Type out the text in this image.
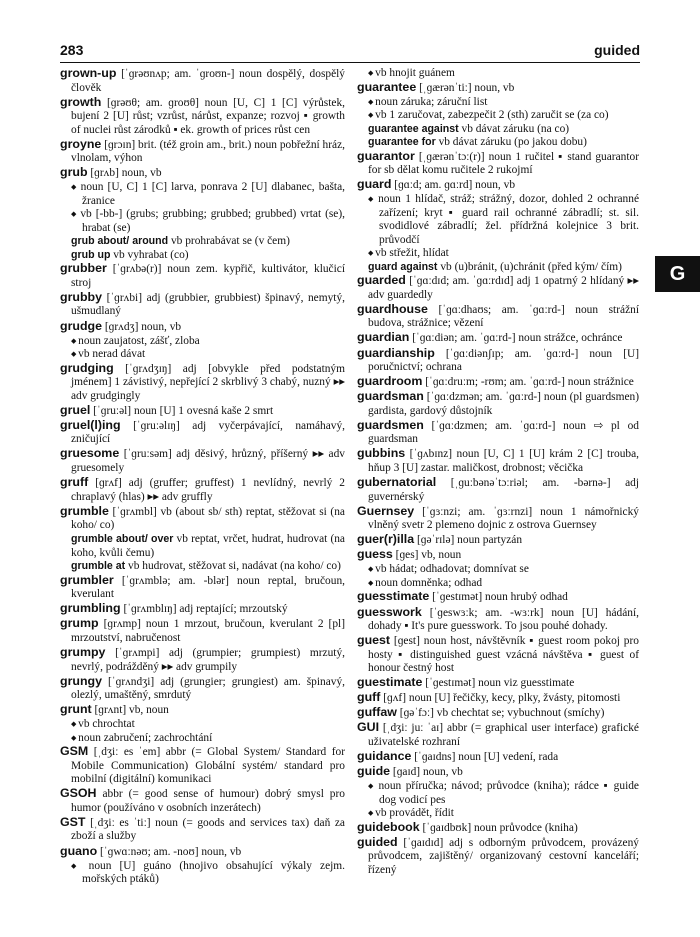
283	guided
G
grown-up [ˈɡrəʊnʌp; am. ˈɡroʊn-] noun dospělý, dospělý člověk
growth [ɡrəʊθ; am. ɡroʊθ] noun [U, C] 1 [C] výrůstek, bujení 2 [U] růst; vzrůst, nárůst, expanze; rozvoj ▪ growth of nuclei růst zárodků ▪ ek. growth of prices růst cen
groyne [ɡrɔɪn] brit. (též groin am., brit.) noun pobřežní hráz, vlnolam, výhon
grub [ɡrʌb] noun, vb
◆ noun [U, C] 1 [C] larva, ponrava 2 [U] dlabanec, bašta, žranice
◆ vb [-bb-] (grubs; grubbing; grubbed; grubbed) vrtat (se), hrabat (se)
grub about/ around vb prohrabávat se (v čem)
grub up vb vyhrabat (co)
grubber [ˈɡrʌbə(r)] noun zem. kypřič, kultivátor, klučicí stroj
grubby [ˈɡrʌbi] adj (grubbier, grubbiest) špinavý, nemytý, ušmudlaný
grudge [ɡrʌdʒ] noun, vb
◆ noun zaujatost, zášť, zloba
◆ vb nerad dávat
grudging [ˈɡrʌdʒɪŋ] adj [obvykle před podstatným jménem] 1 závistivý, nepřející 2 skrblivý 3 chabý, nuzný ▸▸ adv grudgingly
gruel [ˈɡruːəl] noun [U] 1 ovesná kaše 2 smrt
gruel(l)ing [ˈɡruːəlɪŋ] adj vyčerpávající, namáhavý, zničující
gruesome [ˈɡruːsəm] adj děsivý, hrůzný, příšerný ▸▸ adv gruesomely
gruff [ɡrʌf] adj (gruffer; gruffest) 1 nevlídný, nevrlý 2 chraplavý (hlas) ▸▸ adv gruffly
grumble [ˈɡrʌmbl] vb (about sb/ sth) reptat, stěžovat si (na koho/ co)
grumble about/ over vb reptat, vrčet, hudrat, hudrovat (na koho, kvůli čemu)
grumble at vb hudrovat, stěžovat si, nadávat (na koho/ co)
grumbler [ˈɡrʌmblə; am. -blər] noun reptal, bručoun, kverulant
grumbling [ˈɡrʌmblɪŋ] adj reptající; mrzoutský
grump [ɡrʌmp] noun 1 mrzout, bručoun, kverulant 2 [pl] mrzoutství, nabručenost
grumpy [ˈɡrʌmpi] adj (grumpier; grumpiest) mrzutý, nevrlý, podrážděný ▸▸ adv grumpily
grungy [ˈɡrʌndʒi] adj (grungier; grungiest) am. špinavý, olezlý, umaštěný, smrdutý
grunt [ɡrʌnt] vb, noun
◆ vb chrochtat
◆ noun zabručení; zachrochtání
GSM [ˌdʒiː es ˈem] abbr (= Global System/ Standard for Mobile Communication) Globální systém/ standard pro mobilní (digitální) komunikaci
GSOH abbr (= good sense of humour) dobrý smysl pro humor (používáno v osobních inzerátech)
GST [ˌdʒiː es ˈtiː] noun (= goods and services tax) daň za zboží a služby
guano [ˈɡwɑːnəʊ; am. -noʊ] noun, vb
◆ noun [U] guáno (hnojivo obsahující výkaly zejm. mořských ptáků)
◆ vb hnojit guánem
guarantee [ˌɡærənˈtiː] noun, vb
◆ noun záruka; záruční list
◆ vb 1 zaručovat, zabezpečit 2 (sth) zaručit se (za co)
guarantee against vb dávat záruku (na co)
guarantee for vb dávat záruku (po jakou dobu)
guarantor [ˌɡærənˈtɔː(r)] noun 1 ručitel ▪ stand guarantor for sb dělat komu ručitele 2 rukojmí
guard [ɡɑːd; am. ɡɑːrd] noun, vb
◆ noun 1 hlídač, stráž; strážný, dozor, dohled 2 ochranné zařízení; kryt ▪ guard rail ochranné zábradlí; st. sil. svodidlové zábradlí; žel. přídržná kolejnice 3 brit. průvodčí
◆ vb střežit, hlídat
guard against vb (u)bránit, (u)chránit (před kým/ čím)
guarded [ˈɡɑːdɪd; am. ˈɡɑːrdɪd] adj 1 opatrný 2 hlídaný ▸▸ adv guardedly
guardhouse [ˈɡɑːdhaʊs; am. ˈɡɑːrd-] noun strážní budova, strážnice; vězení
guardian [ˈɡɑːdiən; am. ˈɡɑːrd-] noun strážce, ochránce
guardianship [ˈɡɑːdiənʃɪp; am. ˈɡɑːrd-] noun [U] poručnictví; ochrana
guardroom [ˈɡɑːdruːm; -rʊm; am. ˈɡɑːrd-] noun strážnice
guardsman [ˈɡɑːdzmən; am. ˈɡɑːrd-] noun (pl guardsmen) gardista, gardový důstojník
guardsmen [ˈɡɑːdzmen; am. ˈɡɑːrd-] noun ⇨ pl od guardsman
gubbins [ˈɡʌbɪnz] noun [U, C] 1 [U] krám 2 [C] trouba, hňup 3 [U] zastar. maličkost, drobnost; věcička
gubernatorial [ˌɡuːbənəˈtɔːriəl; am. -bərnə-] adj guvernérský
Guernsey [ˈɡɜːnzi; am. ˈɡɜːrnzi] noun 1 námořnický vlněný svetr 2 plemeno dojnic z ostrova Guernsey
guer(r)illa [ɡəˈrɪlə] noun partyzán
guess [ɡes] vb, noun
◆ vb hádat; odhadovat; domnívat se
◆ noun domněnka; odhad
guesstimate [ˈɡestɪmət] noun hrubý odhad
guesswork [ˈɡeswɜːk; am. -wɜːrk] noun [U] hádání, dohady ▪ It's pure guesswork. To jsou pouhé dohady.
guest [ɡest] noun host, návštěvník ▪ guest room pokoj pro hosty ▪ distinguished guest vzácná návštěva ▪ guest of honour čestný host
guestimate [ˈɡestɪmət] noun viz guesstimate
guff [ɡʌf] noun [U] řečičky, kecy, plky, žvásty, pitomosti
guffaw [ɡəˈfɔː] vb chechtat se; vybuchnout (smíchy)
GUI [ˌdʒiː juː ˈaɪ] abbr (= graphical user interface) grafické uživatelské rozhraní
guidance [ˈɡaɪdns] noun [U] vedení, rada
guide [ɡaɪd] noun, vb
◆ noun příručka; návod; průvodce (kniha); rádce ▪ guide dog vodicí pes
◆ vb provádět, řídit
guidebook [ˈɡaɪdbʊk] noun průvodce (kniha)
guided [ˈɡaɪdɪd] adj s odborným průvodcem, provázený průvodcem, zajištěný/ organizovaný cestovní kanceláří; řízený
